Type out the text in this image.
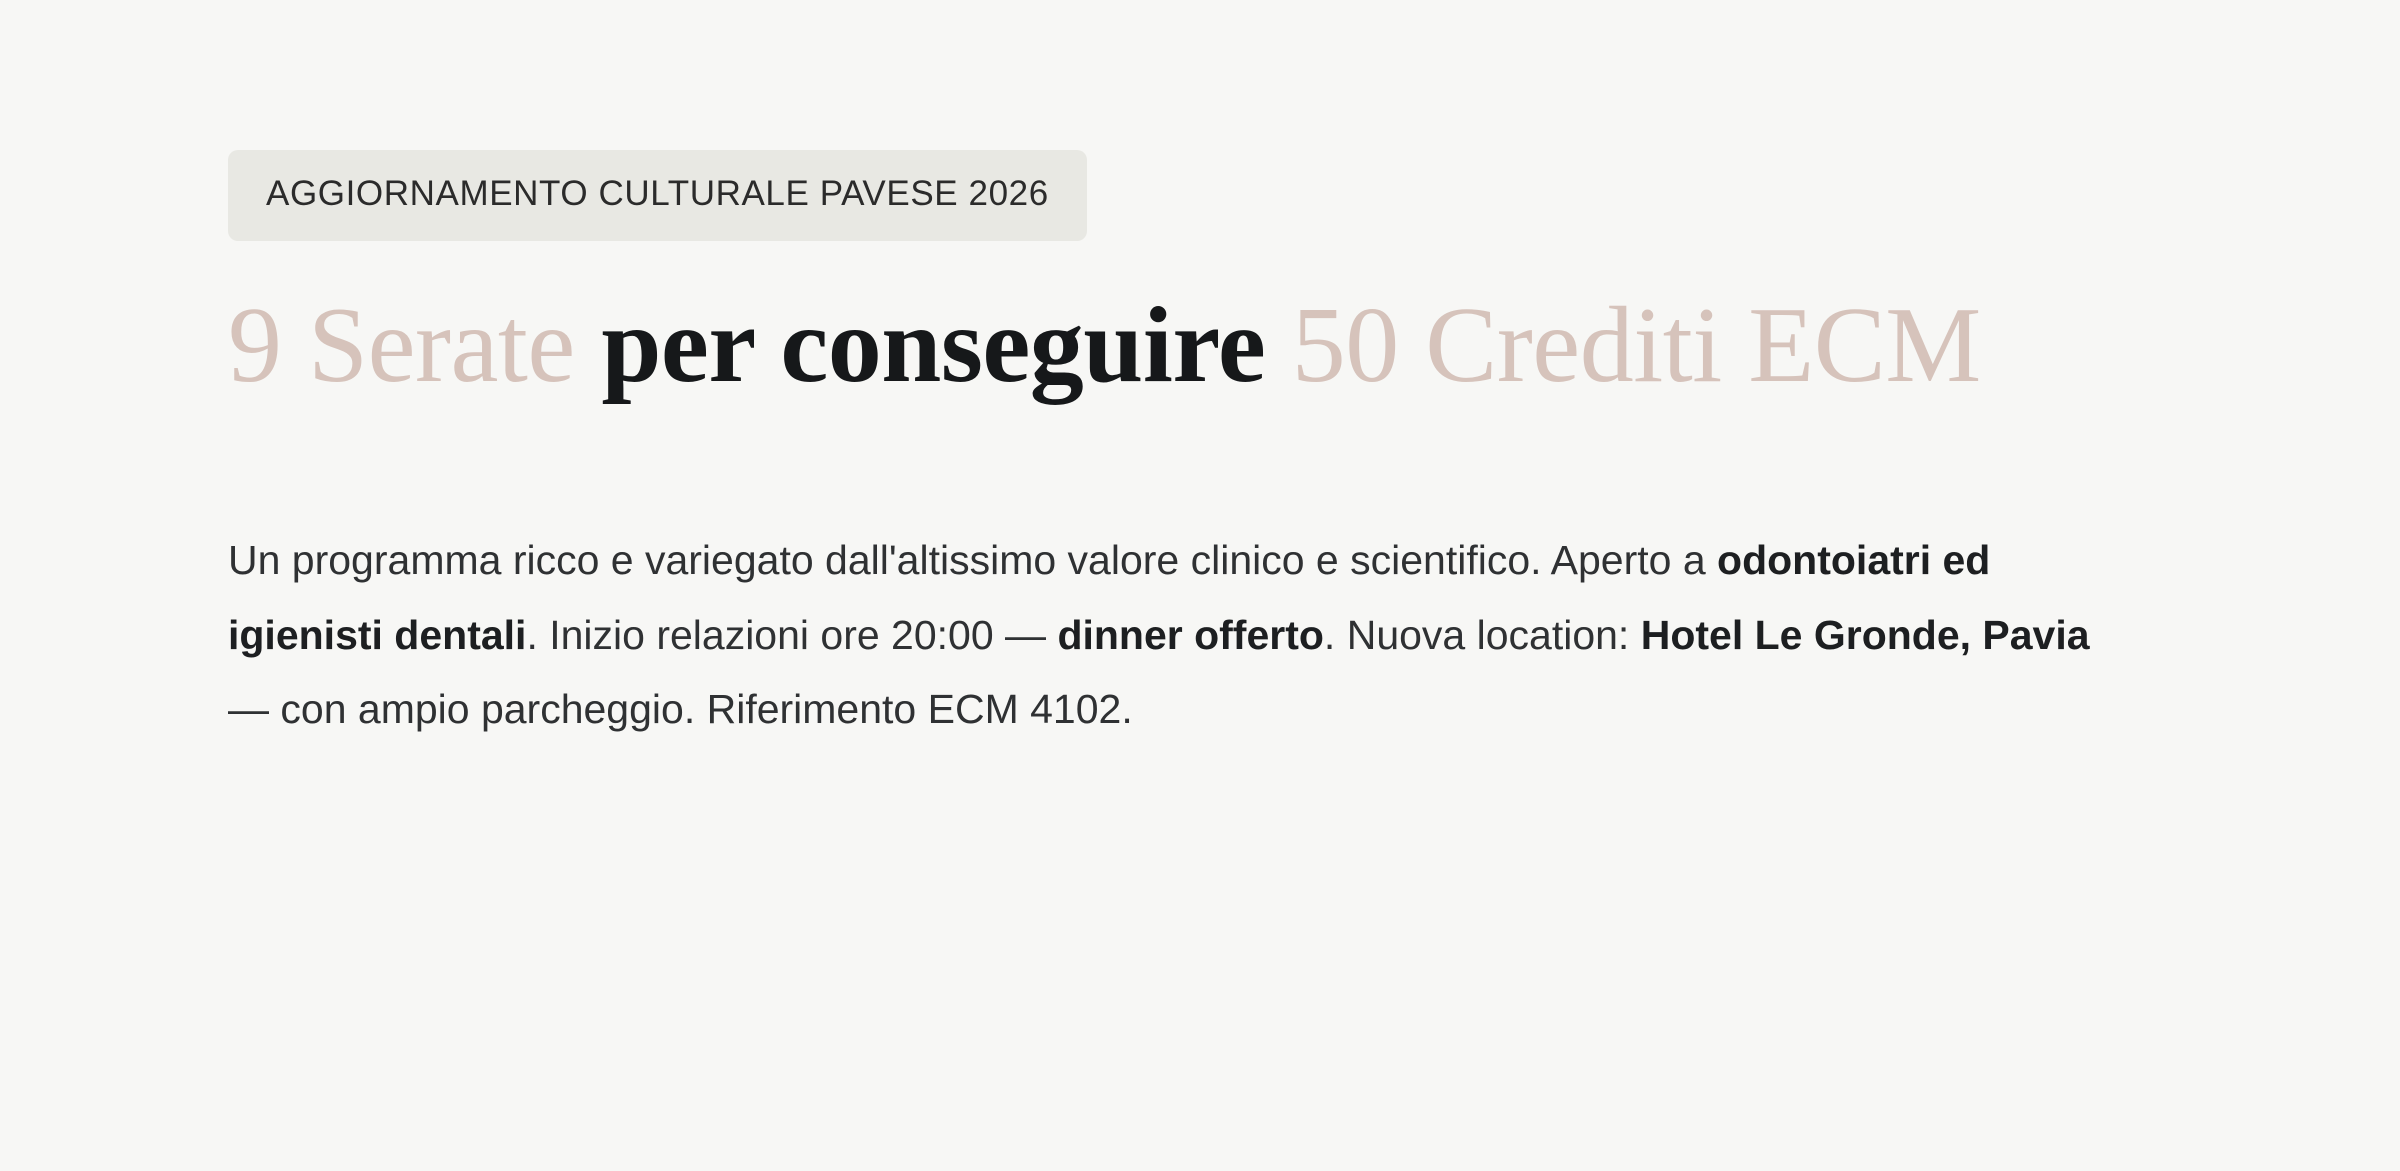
AGGIORNAMENTO CULTURALE PAVESE 2026
9 Serate per conseguire 50 Crediti ECM

Un programma ricco e variegato dall'altissimo valore clinico e scientifico. Aperto a odontoiatri ed igienisti dentali. Inizio relazioni ore 20:00 — dinner offerto. Nuova location: Hotel Le Gronde, Pavia — con ampio parcheggio. Riferimento ECM 4102.
